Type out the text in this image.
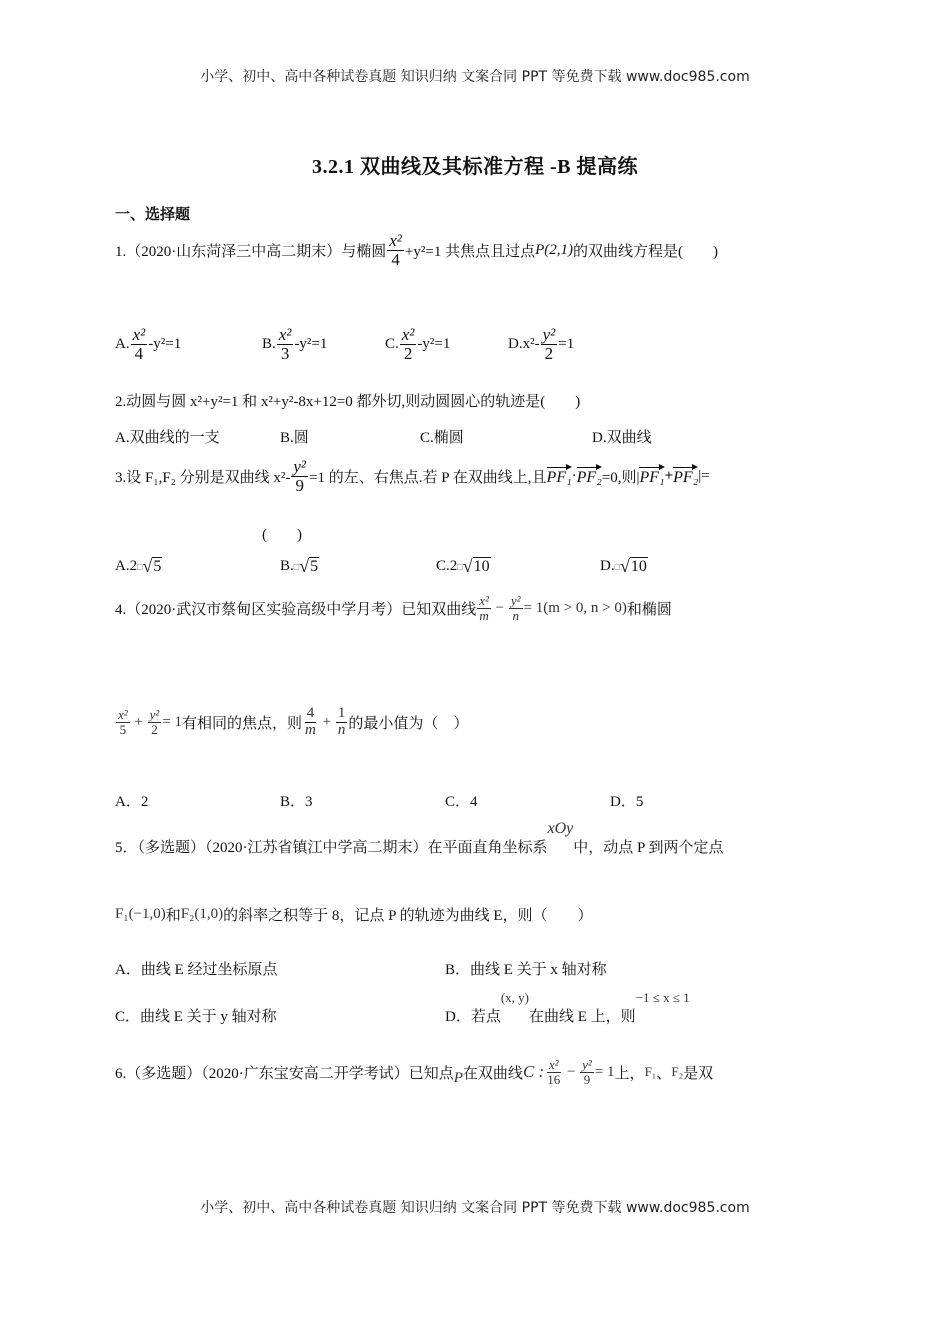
小学、初中、高中各种试卷真题 知识归纳 文案合同 PPT 等免费下载 www.doc985.com
3.2.1 双曲线及其标准方程 -B 提高练
一、选择题
1.（2020·山东菏泽三中高二期末）与椭圆 $\frac{\text{x²}}{4} +y^2=1$ 共焦点且过点 P(2,1) 的双曲线方程是(　　)
A. $\frac{\text{x²}}{4} -y^2=1$	B. $\frac{\text{x²}}{3} -y^2=1$	C. $\frac{\text{x²}}{2} -y^2=1$	$D.x^2- \frac{\text{y²}}{2} =1$
2.动圆与圆 x²+y²=1 和 x²+y²-8x+12=0 都外切,则动圆圆心的轨迹是(　　)
A.双曲线的一支	B.圆	C.椭圆	D.双曲线
3.设 F₁,F₂ 分别是双曲线 $x^2- \frac{\text{y²}}{9} =1$ 的左、右焦点.若 P 在双曲线上,且 PF₁ · PF₂ =0,则| PF₁ + PF₂ |=
(　　)
A.2 □ √ 5	B. □ √ 5	C.2 □ √ 10	D. □ √ 10
4.（2020·武汉市蔡甸区实验高级中学月考）已知双曲线 $\frac{\text{x²}}{m} - \frac{\text{y²}}{n} = 1(m > 0$, n > 0) 和椭圆
$\frac{\text{x²}}{5} + \frac{\text{y²}}{2} = 1$ 有相同的焦点，则 $\frac{4}{m} + \frac{1}{n}$ 的最小值为（　）
A．2	B．3	C．4	D．5
5．（多选题）（2020·江苏省镇江中学高二期末）在平面直角坐标系
xOy
中，动点 P 到两个定点
F₁(−1,0) 和 F₂(1,0) 的斜率之积等于 8，记点 P 的轨迹为曲线 E，则（　　）
A．曲线 E 经过坐标原点	B．曲线 E 关于 x 轴对称
C．曲线 E 关于 y 轴对称	D．若点
(x, y)
在曲线 E 上，则
−1 ≤ x ≤ 1
6.（多选题）（2020·广东宝安高二开学考试）已知点 P 在双曲线 C : $\frac{\text{x²}}{16} - \frac{\text{y²}}{9} = 1$ 上， F₁ 、 F₂ 是双
小学、初中、高中各种试卷真题 知识归纳 文案合同 PPT 等免费下载 www.doc985.com
